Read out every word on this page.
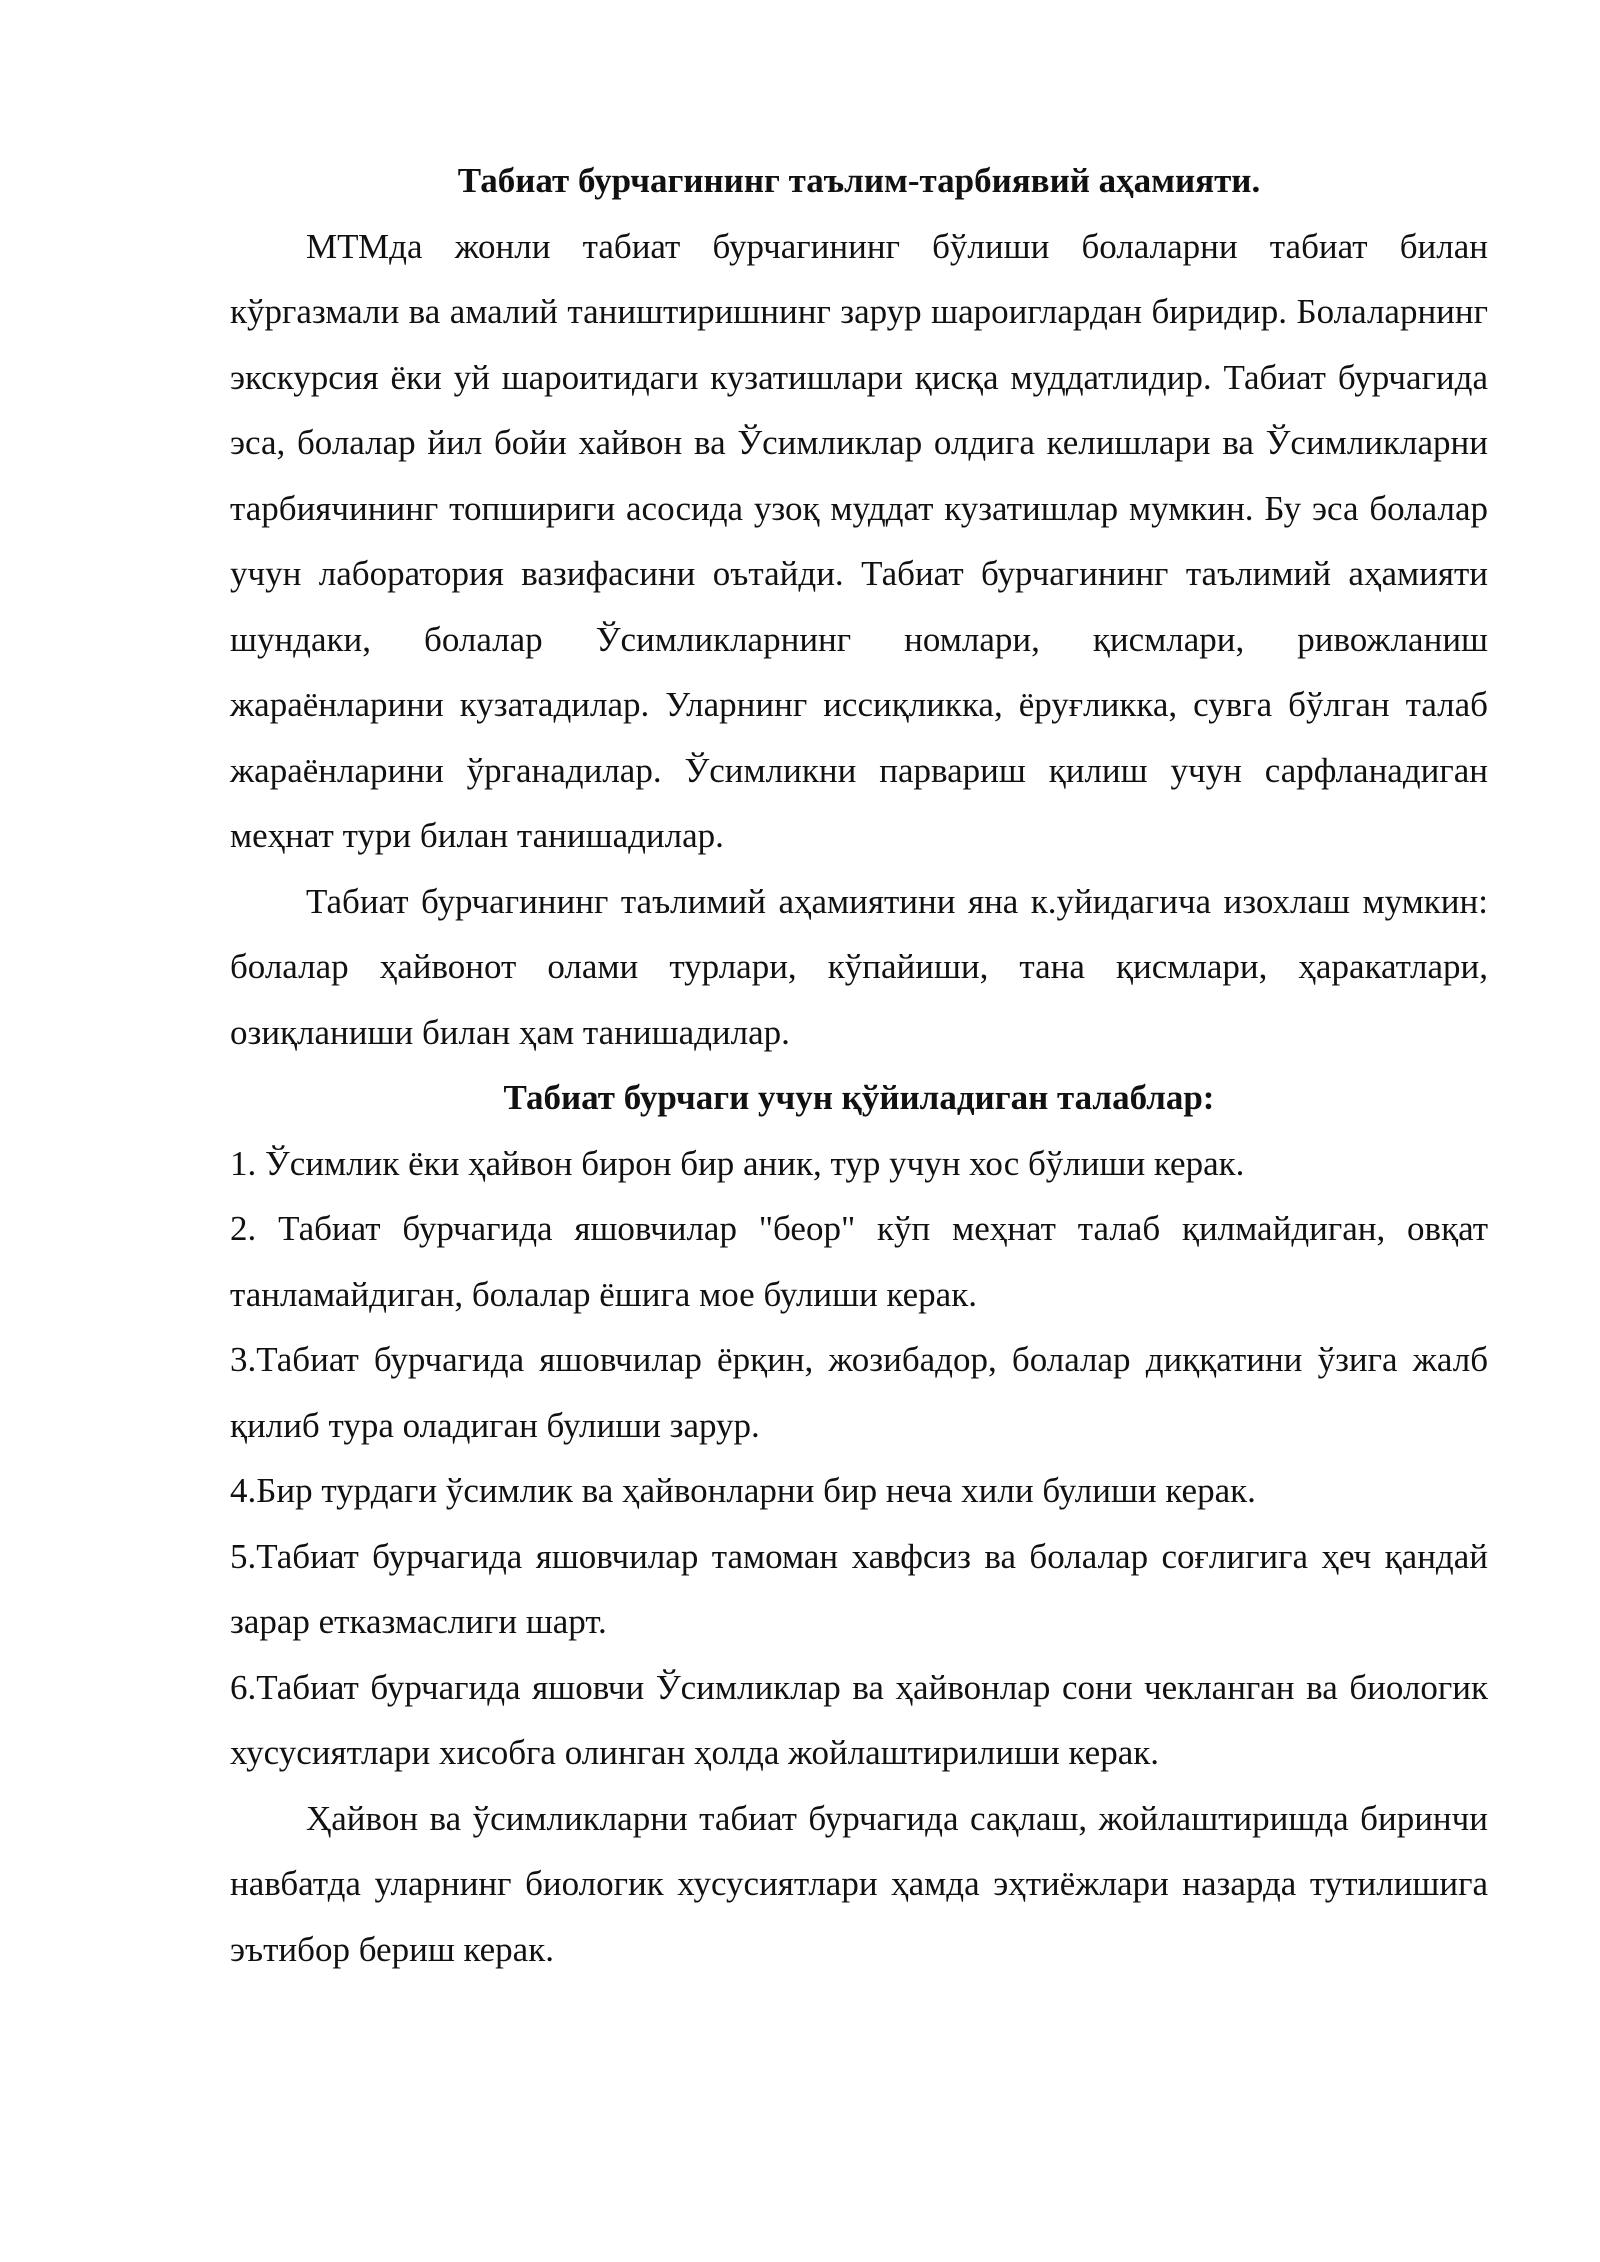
Табиат бурчагининг таълим-тарбиявий аҳамияти.

МТМда жонли табиат бурчагининг бўлиши болаларни табиат билан кўргазмали ва амалий таништиришнинг зарур шароиглардан биридир. Болаларнинг экскурсия ёки уй шароитидаги кузатишлари қисқа муддатлидир. Табиат бурчагида эса, болалар йил бойи хайвон ва Ўсимликлар олдига келишлари ва Ўсимликларни тарбиячининг топшириги асосида узоқ муддат кузатишлар мумкин. Бу эса болалар учун лаборатория вазифасини оътайди. Табиат бурчагининг таълимий аҳамияти шундаки, болалар Ўсимликларнинг номлари, қисмлари, ривожланиш жараёнларини кузатадилар. Уларнинг иссиқликка, ёруғликка, сувга бўлган талаб жараёнларини ўрганадилар. Ўсимликни парвариш қилиш учун сарфланадиган меҳнат тури билан танишадилар.

Табиат бурчагининг таълимий аҳамиятини яна к.уйидагича изохлаш мумкин: болалар ҳайвонот олами турлари, кўпайиши, тана қисмлари, ҳаракатлари, озиқланиши билан ҳам танишадилар.

Табиат бурчаги учун қўйиладиган талаблар:

1. Ўсимлик ёки ҳайвон бирон бир аник, тур учун хос бўлиши керак.

2. Табиат бурчагида яшовчилар "беор" кўп меҳнат талаб қилмайдиган, овқат танламайдиган, болалар ёшига мое булиши керак.

3.Табиат бурчагида яшовчилар ёрқин, жозибадор, болалар диққатини ўзига жалб қилиб тура оладиган булиши зарур.

4.Бир турдаги ўсимлик ва ҳайвонларни бир неча хили булиши керак.

5.Табиат бурчагида яшовчилар тамоман хавфсиз ва болалар соғлигига ҳеч қандай зарар етказмаслиги шарт.

6.Табиат бурчагида яшовчи Ўсимликлар ва ҳайвонлар сони чекланган ва биологик хусусиятлари хисобга олинган ҳолда жойлаштирилиши керак.

Ҳайвон ва ўсимликларни табиат бурчагида сақлаш, жойлаштиришда биринчи навбатда уларнинг биологик хусусиятлари ҳамда эҳтиёжлари назарда тутилишига эътибор бериш керак.
